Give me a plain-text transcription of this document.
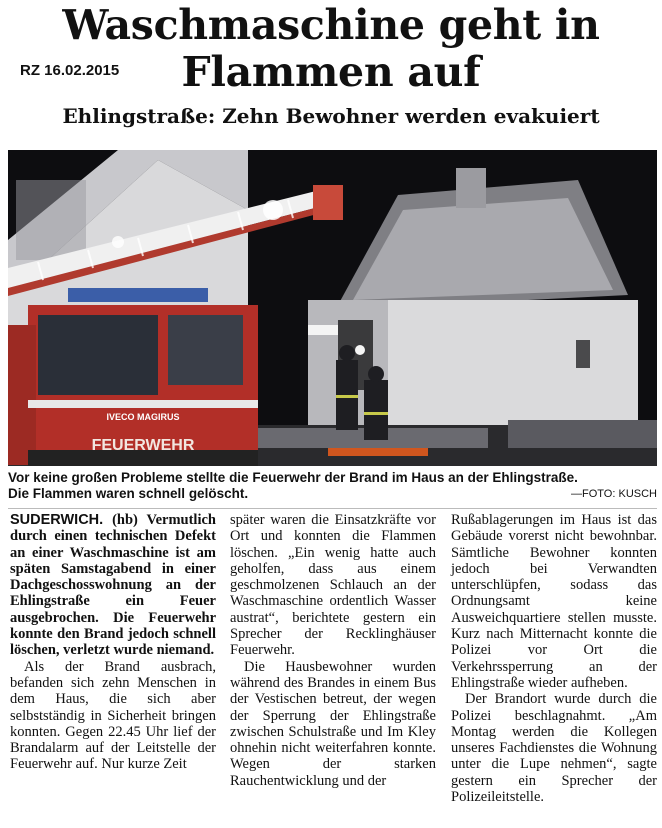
Waschmaschine geht in
Flammen auf
RZ 16.02.2015
Ehlingstraße: Zehn Bewohner werden evakuiert
IVECO MAGIRUS
FEUERWEHR
Vor keine großen Probleme stellte die Feuerwehr der Brand im Haus an der Ehlingstraße.
Die Flammen waren schnell gelöscht.	—FOTO: KUSCH

SUDERWICH. (hb) Vermutlich durch einen technischen Defekt an einer Waschmaschine ist am späten Samstagabend in einer Dachgeschosswohnung an der Ehlingstraße ein Feuer ausgebrochen. Die Feuerwehr konnte den Brand jedoch schnell löschen, verletzt wurde niemand.

Als der Brand ausbrach, befanden sich zehn Menschen in dem Haus, die sich aber selbstständig in Sicherheit bringen konnten. Gegen 22.45 Uhr lief der Brandalarm auf der Leitstelle der Feuerwehr auf. Nur kurze Zeit

später waren die Einsatzkräfte vor Ort und konnten die Flammen löschen. „Ein wenig hatte auch geholfen, dass aus einem geschmolzenen Schlauch an der Waschmaschine ordentlich Wasser austrat“, berichtete gestern ein Sprecher der Recklinghäuser Feuerwehr.

Die Hausbewohner wurden während des Brandes in einem Bus der Vestischen betreut, der wegen der Sperrung der Ehlingstraße zwischen Schulstraße und Im Kley ohnehin nicht weiterfahren konnte. Wegen der starken Rauchentwicklung und der

Rußablagerungen im Haus ist das Gebäude vorerst nicht bewohnbar. Sämtliche Bewohner konnten jedoch bei Verwandten unterschlüpfen, sodass das Ordnungsamt keine Ausweichquartiere stellen musste. Kurz nach Mitternacht konnte die Polizei vor Ort die Verkehrssperrung an der Ehlingstraße wieder aufheben.

Der Brandort wurde durch die Polizei beschlagnahmt. „Am Montag werden die Kollegen unseres Fachdienstes die Wohnung unter die Lupe nehmen“, sagte gestern ein Sprecher der Polizeileitstelle.
